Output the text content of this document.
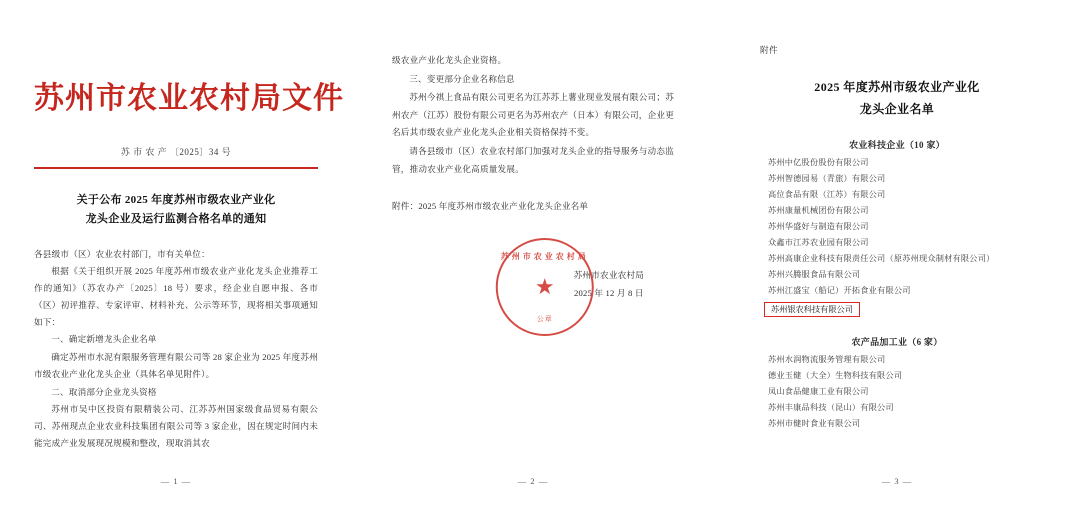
苏州市农业农村局文件
苏 市 农 产 〔2025〕34 号
关于公布 2025 年度苏州市级农业产业化
龙头企业及运行监测合格名单的通知

各县级市（区）农业农村部门，市有关单位：

根据《关于组织开展 2025 年度苏州市级农业产业化龙头企业推荐工作的通知》（苏农办产〔2025〕18 号）要求，经企业自愿申报、各市（区）初评推荐、专家评审、材料补充、公示等环节，现将相关事项通知如下：

一、确定新增龙头企业名单

确定苏州市水泥有限服务管理有限公司等 28 家企业为 2025 年度苏州市级农业产业化龙头企业（具体名单见附件）。

二、取消部分企业龙头资格

苏州市吴中区投资有限精装公司、江苏苏州国家级食品贸易有限公司、苏州现点企业农业科技集团有限公司等 3 家企业，因在规定时间内未能完成产业发展现况规模和整改，现取消其农

— 1 —

级农业产业化龙头企业资格。

三、变更部分企业名称信息

苏州今祺上食品有限公司更名为江苏苏上薯业现业发展有限公司；苏州农产（江苏）股份有限公司更名为苏州农产（日本）有限公司，企业更名后其市级农业产业化龙头企业相关资格保持不变。

请各县级市（区）农业农村部门加强对龙头企业的指导服务与动态监管，推动农业产业化高质量发展。

附件：2025 年度苏州市级农业产业化龙头企业名单
苏州市农业农村局
★
公章
苏州市农业农村局
2025 年 12 月 8 日
— 2 —
附件
2025 年度苏州市级农业产业化
龙头企业名单
农业科技企业（10 家）
苏州中亿股份股份有限公司
苏州智德园易（青旅）有限公司
高位食品有限（江苏）有限公司
苏州康量机械团份有限公司
苏州华盛好与制造有限公司
众鑫市江苏农业园有限公司
苏州高康企业科技有限责任公司（原苏州现众制材有限公司）
苏州兴腾服食品有限公司
苏州江盛宝（船记）开拓食业有限公司
苏州银农科技有限公司
农产品加工业（6 家）
苏州水润物流服务管理有限公司
德业玉健（大全）生物科技有限公司
凤山食品健康工业有限公司
苏州丰康品科技（昆山）有限公司
苏州市健时食业有限公司
— 3 —
